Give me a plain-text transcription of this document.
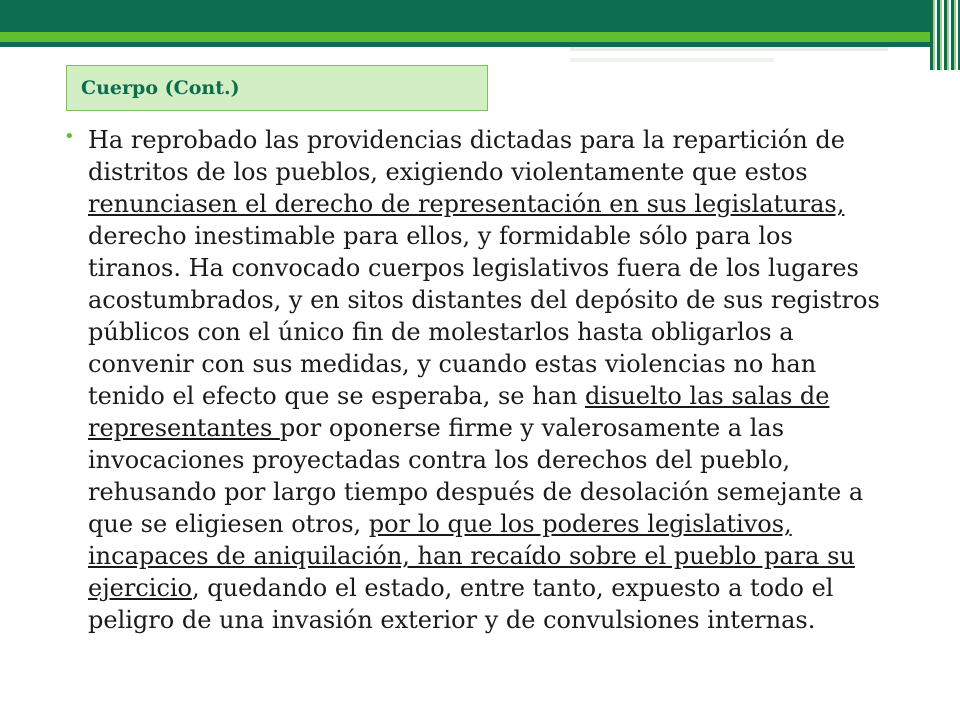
Cuerpo (Cont.)
• Ha reprobado las providencias dictadas para la repartición de distritos de los pueblos, exigiendo violentamente que estos renunciasen el derecho de representación en sus legislaturas, derecho inestimable para ellos, y formidable sólo para los tiranos. Ha convocado cuerpos legislativos fuera de los lugares acostumbrados, y en sitos distantes del depósito de sus registros públicos con el único fin de molestarlos hasta obligarlos a convenir con sus medidas, y cuando estas violencias no han tenido el efecto que se esperaba, se han disuelto las salas de representantes por oponerse firme y valerosamente a las invocaciones proyectadas contra los derechos del pueblo, rehusando por largo tiempo después de desolación semejante a que se eligiesen otros, por lo que los poderes legislativos, incapaces de aniquilación, han recaído sobre el pueblo para su ejercicio, quedando el estado, entre tanto, expuesto a todo el peligro de una invasión exterior y de convulsiones internas.
